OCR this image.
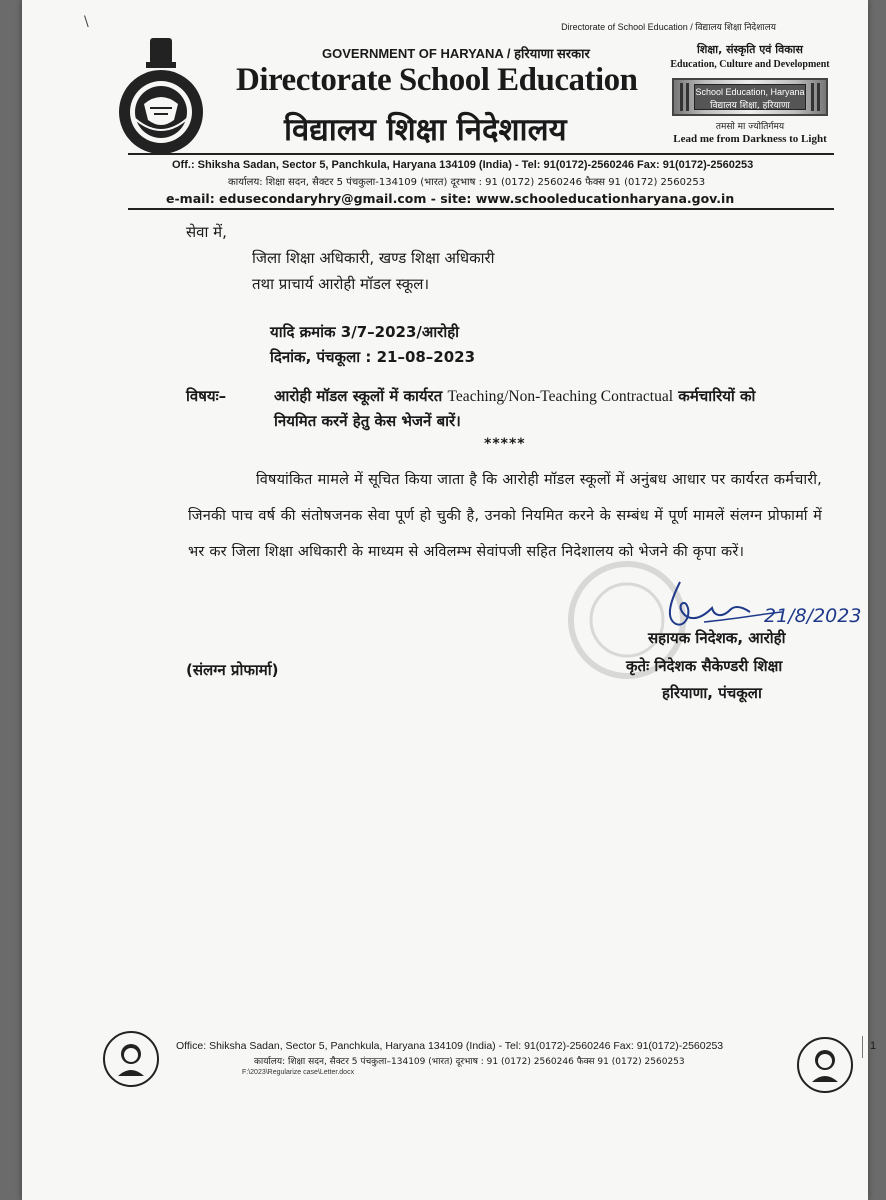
\	Directorate of School Education / विद्यालय शिक्षा निदेशालय
GOVERNMENT OF HARYANA / हरियाणा सरकार
Directorate School Education
विद्यालय शिक्षा निदेशालय
शिक्षा, संस्कृति एवं विकास
Education, Culture and Development
School Education, Haryana
विद्यालय शिक्षा, हरियाणा
तमसो मा ज्योतिर्गमय
Lead me from Darkness to Light
Off.: Shiksha Sadan, Sector 5, Panchkula, Haryana 134109 (India) - Tel: 91(0172)-2560246 Fax: 91(0172)-2560253
कार्यालय: शिक्षा सदन, सैक्टर 5 पंचकुला-134109 (भारत) दूरभाष : 91 (0172) 2560246 फैक्स 91 (0172) 2560253
e-mail: edusecondaryhry@gmail.com - site: www.schooleducationharyana.gov.in
सेवा में,
जिला शिक्षा अधिकारी, खण्ड शिक्षा अधिकारी
तथा प्राचार्य आरोही मॉडल स्कूल।
यादि क्रमांक 3/7–2023/आरोही
दिनांक, पंचकूला : 21–08–2023
विषयः–	आरोही मॉडल स्कूलों में कार्यरत Teaching/Non-Teaching Contractual कर्मचारियों को
नियमित करनें हेतु केस भेजनें बारें।
*****
विषयांकित मामले में सूचित किया जाता है कि आरोही मॉडल स्कूलों में अनुंबध आधार पर कार्यरत कर्मचारी, जिनकी पाच वर्ष की संतोषजनक सेवा पूर्ण हो चुकी है, उनको नियमित करने के सम्बंध में पूर्ण मामलें संलग्न प्रोफार्मा में भर कर जिला शिक्षा अधिकारी के माध्यम से अविलम्भ सेवांपजी सहित निदेशालय को भेजने की कृपा करें।
21/8/2023
सहायक निदेशक, आरोही
कृतेः निदेशक सैकेण्डरी शिक्षा
हरियाणा, पंचकूला
(संलग्न प्रोफार्मा)
Office: Shiksha Sadan, Sector 5, Panchkula, Haryana 134109 (India) - Tel: 91(0172)-2560246 Fax: 91(0172)-2560253
कार्यालय: शिक्षा सदन, सैक्टर 5 पंचकुला–134109 (भारत) दूरभाष : 91 (0172) 2560246 फैक्स 91 (0172) 2560253
F:\2023\Regularize case\Letter.docx
1
